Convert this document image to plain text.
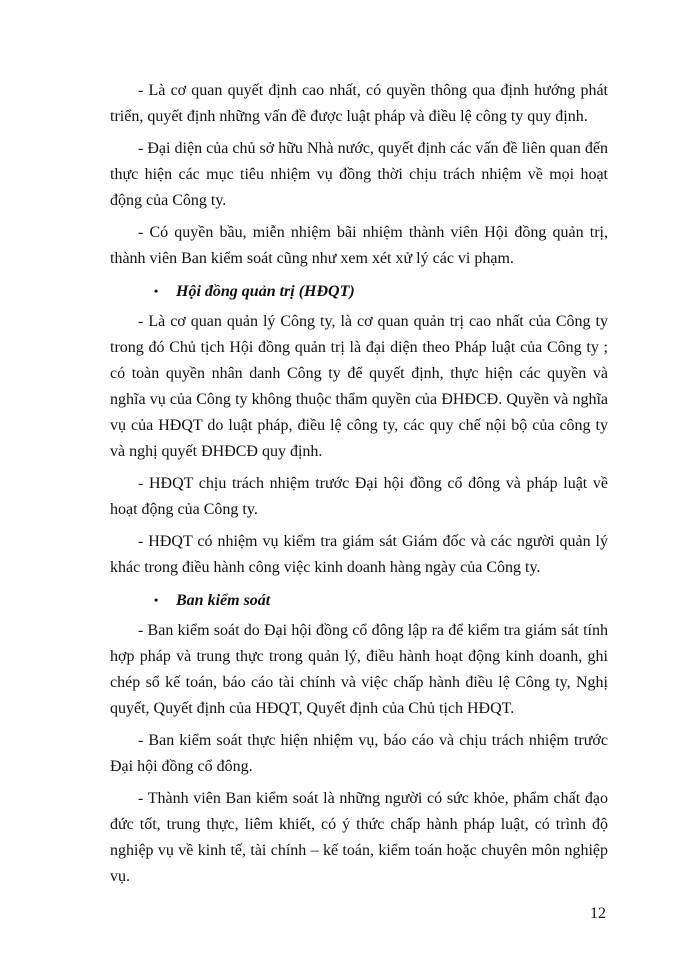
- Là cơ quan quyết định cao nhất, có quyền thông qua định hướng phát triển, quyết định những vấn đề được luật pháp và điều lệ công ty quy định.

- Đại diện của chủ sở hữu Nhà nước, quyết định các vấn đề liên quan đến thực hiện các mục tiêu nhiệm vụ đồng thời chịu trách nhiệm về mọi hoạt động của Công ty.

- Có quyền bầu, miễn nhiệm bãi nhiệm thành viên Hội đồng quản trị, thành viên Ban kiểm soát cũng như xem xét xử lý các vi phạm.

• Hội đồng quản trị (HĐQT)

- Là cơ quan quản lý Công ty, là cơ quan quản trị cao nhất của Công ty trong đó Chủ tịch Hội đồng quản trị là đại diện theo Pháp luật của Công ty ; có toàn quyền nhân danh Công ty để quyết định, thực hiện các quyền và nghĩa vụ của Công ty không thuộc thẩm quyền của ĐHĐCĐ. Quyền và nghĩa vụ của HĐQT do luật pháp, điều lệ công ty, các quy chế nội bộ của công ty và nghị quyết ĐHĐCĐ quy định.

- HĐQT chịu trách nhiệm trước Đại hội đồng cổ đông và pháp luật về hoạt động của Công ty.

- HĐQT có nhiệm vụ kiểm tra giám sát Giám đốc và các người quản lý khác trong điều hành công việc kinh doanh hàng ngày của Công ty.

• Ban kiểm soát

- Ban kiểm soát do Đại hội đồng cổ đông lập ra để kiểm tra giám sát tính hợp pháp và trung thực trong quản lý, điều hành hoạt động kinh doanh, ghi chép sổ kế toán, báo cáo tài chính và việc chấp hành điều lệ Công ty, Nghị quyết, Quyết định của HĐQT, Quyết định của Chủ tịch HĐQT.

- Ban kiểm soát thực hiện nhiệm vụ, báo cáo và chịu trách nhiệm trước Đại hội đồng cổ đông.

- Thành viên Ban kiểm soát là những người có sức khỏe, phẩm chất đạo đức tốt, trung thực, liêm khiết, có ý thức chấp hành pháp luật, có trình độ nghiệp vụ về kinh tế, tài chính – kế toán, kiểm toán hoặc chuyên môn nghiệp vụ.

12
